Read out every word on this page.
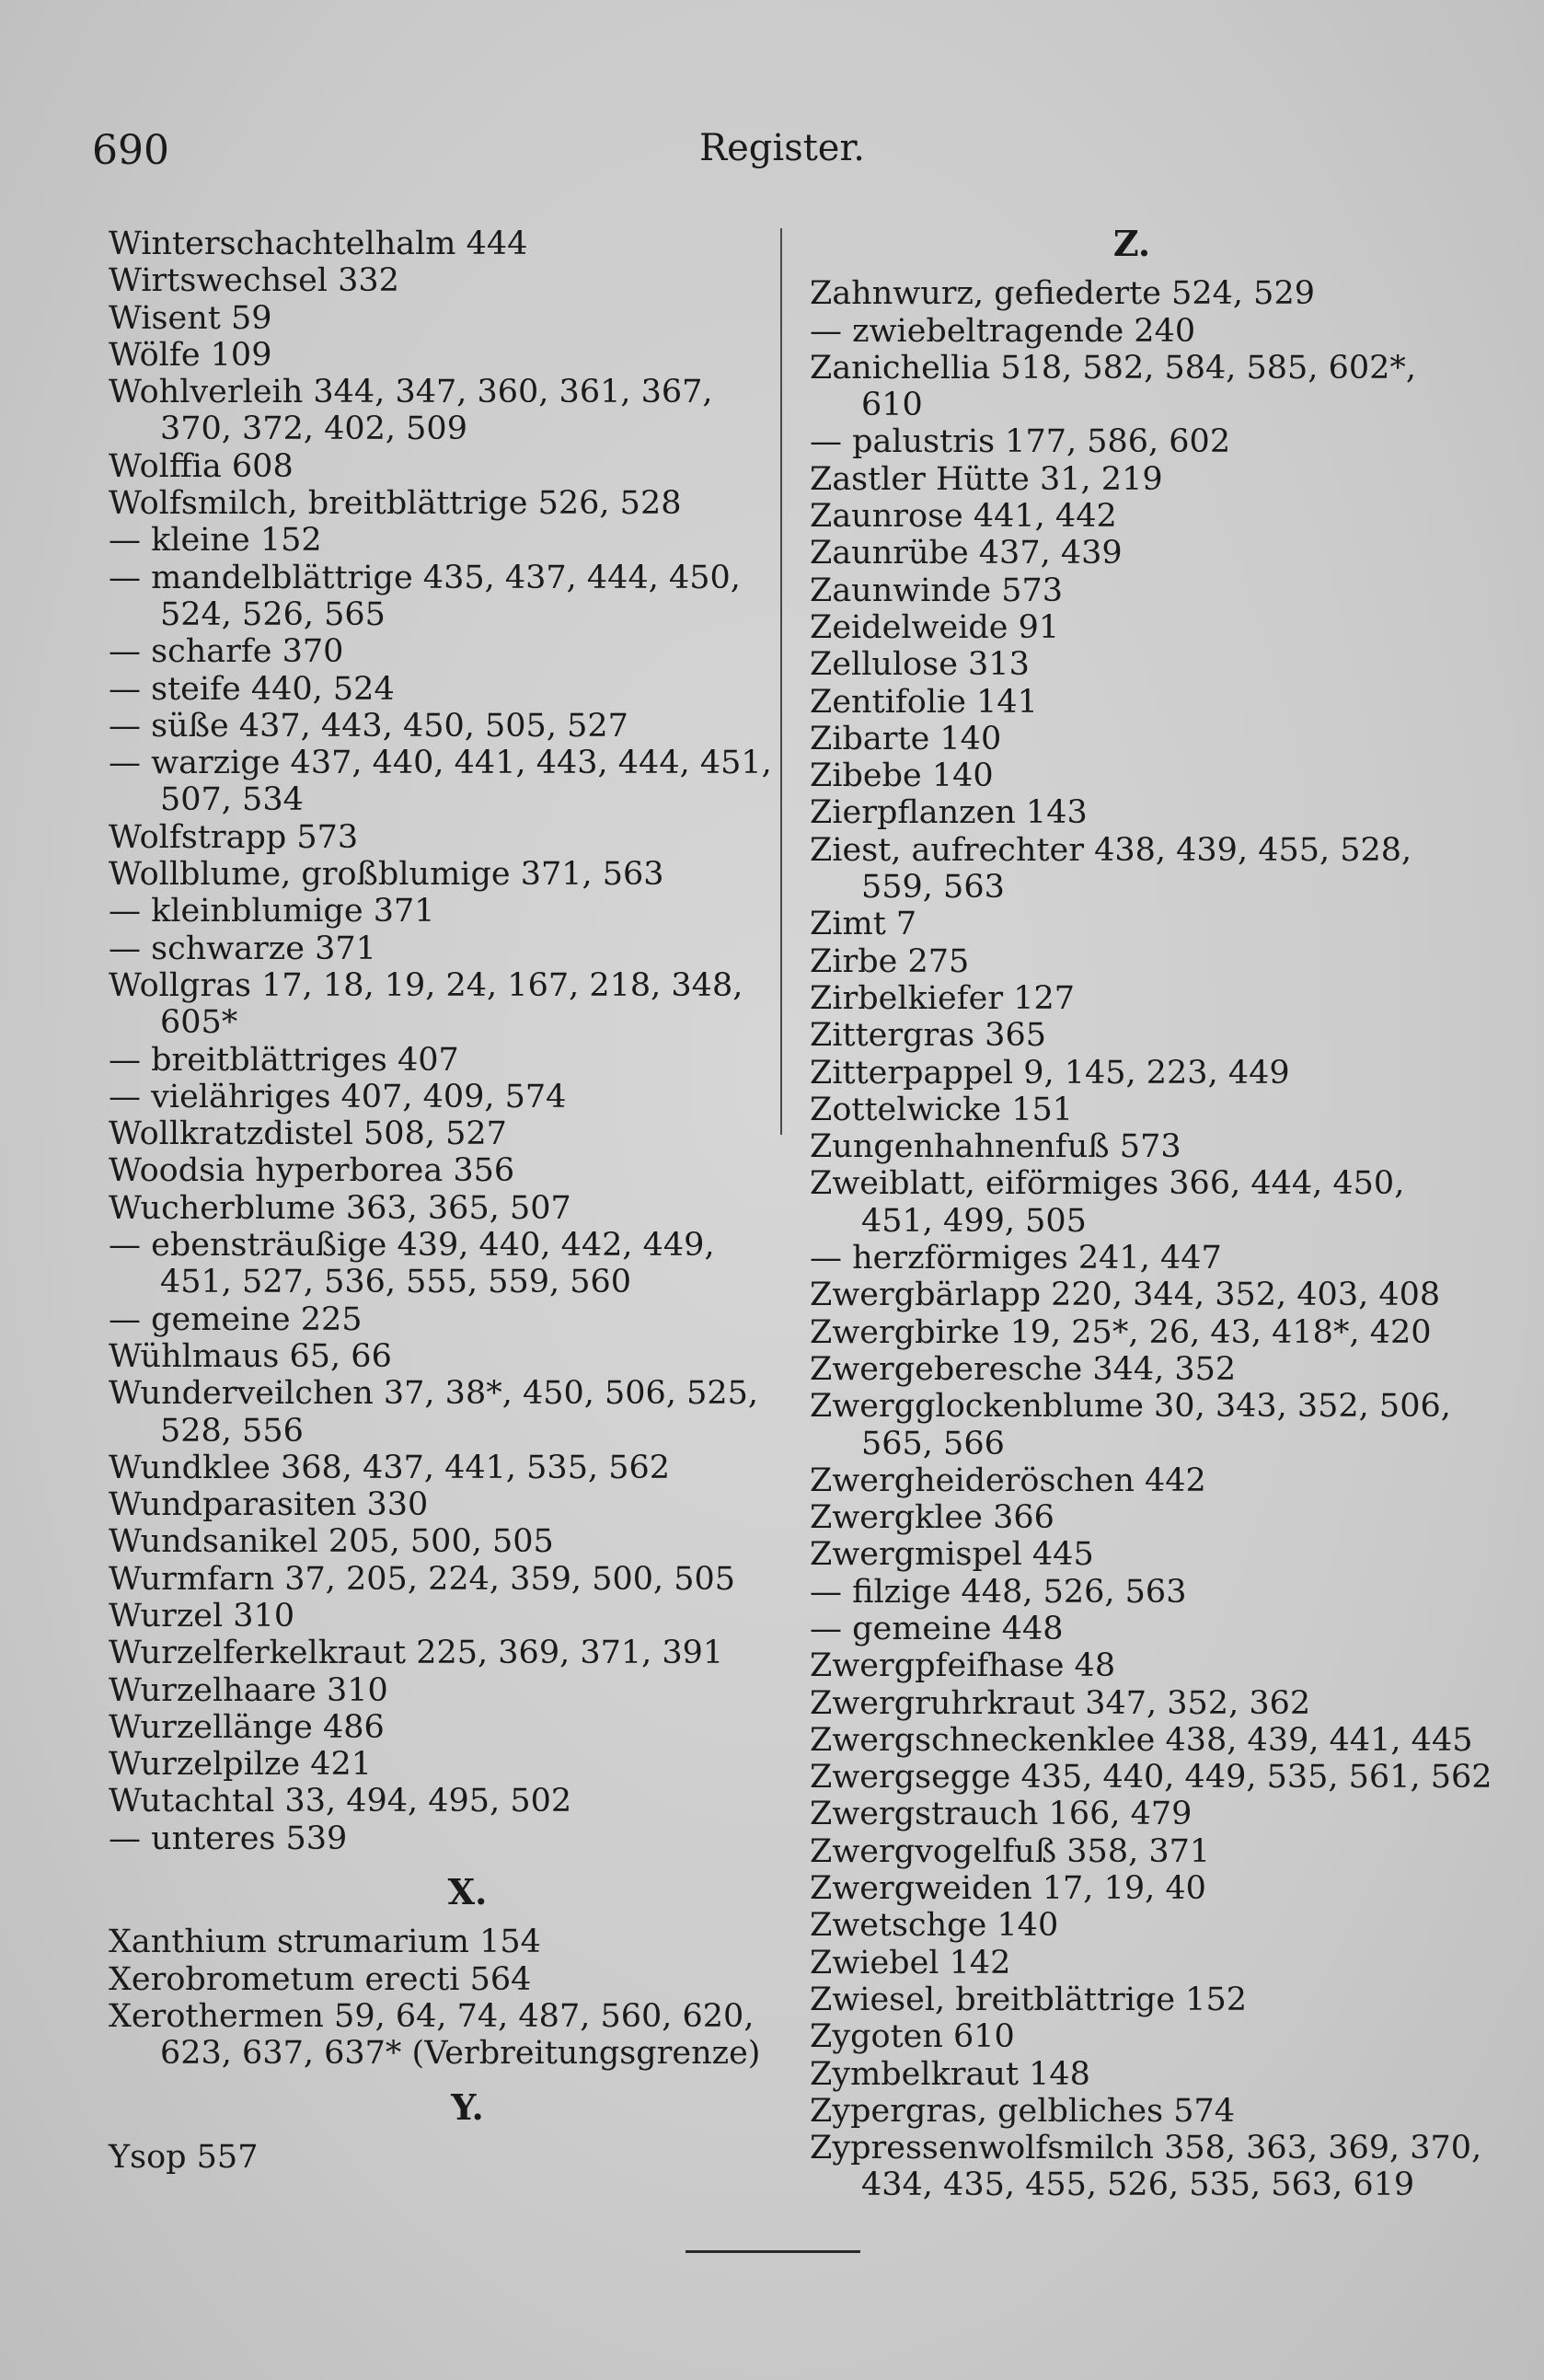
690	Register.
Winterschachtelhalm 444
Wirtswechsel 332
Wisent 59
Wölfe 109
Wohlverleih 344, 347, 360, 361, 367,
370, 372, 402, 509
Wolffia 608
Wolfsmilch, breitblättrige 526, 528
— kleine 152
— mandelblättrige 435, 437, 444, 450,
524, 526, 565
— scharfe 370
— steife 440, 524
— süße 437, 443, 450, 505, 527
— warzige 437, 440, 441, 443, 444, 451,
507, 534
Wolfstrapp 573
Wollblume, großblumige 371, 563
— kleinblumige 371
— schwarze 371
Wollgras 17, 18, 19, 24, 167, 218, 348,
605*
— breitblättriges 407
— vielähriges 407, 409, 574
Wollkratzdistel 508, 527
Woodsia hyperborea 356
Wucherblume 363, 365, 507
— ebensträußige 439, 440, 442, 449,
451, 527, 536, 555, 559, 560
— gemeine 225
Wühlmaus 65, 66
Wunderveilchen 37, 38*, 450, 506, 525,
528, 556
Wundklee 368, 437, 441, 535, 562
Wundparasiten 330
Wundsanikel 205, 500, 505
Wurmfarn 37, 205, 224, 359, 500, 505
Wurzel 310
Wurzelferkelkraut 225, 369, 371, 391
Wurzelhaare 310
Wurzellänge 486
Wurzelpilze 421
Wutachtal 33, 494, 495, 502
— unteres 539
X.
Xanthium strumarium 154
Xerobrometum erecti 564
Xerothermen 59, 64, 74, 487, 560, 620,
623, 637, 637* (Verbreitungsgrenze)
Y.
Ysop 557
Z.
Zahnwurz, gefiederte 524, 529
— zwiebeltragende 240
Zanichellia 518, 582, 584, 585, 602*,
610
— palustris 177, 586, 602
Zastler Hütte 31, 219
Zaunrose 441, 442
Zaunrübe 437, 439
Zaunwinde 573
Zeidelweide 91
Zellulose 313
Zentifolie 141
Zibarte 140
Zibebe 140
Zierpflanzen 143
Ziest, aufrechter 438, 439, 455, 528,
559, 563
Zimt 7
Zirbe 275
Zirbelkiefer 127
Zittergras 365
Zitterpappel 9, 145, 223, 449
Zottelwicke 151
Zungenhahnenfuß 573
Zweiblatt, eiförmiges 366, 444, 450,
451, 499, 505
— herzförmiges 241, 447
Zwergbärlapp 220, 344, 352, 403, 408
Zwergbirke 19, 25*, 26, 43, 418*, 420
Zwergeberesche 344, 352
Zwergglockenblume 30, 343, 352, 506,
565, 566
Zwergheideröschen 442
Zwergklee 366
Zwergmispel 445
— filzige 448, 526, 563
— gemeine 448
Zwergpfeifhase 48
Zwergruhrkraut 347, 352, 362
Zwergschneckenklee 438, 439, 441, 445
Zwergsegge 435, 440, 449, 535, 561, 562
Zwergstrauch 166, 479
Zwergvogelfuß 358, 371
Zwergweiden 17, 19, 40
Zwetschge 140
Zwiebel 142
Zwiesel, breitblättrige 152
Zygoten 610
Zymbelkraut 148
Zypergras, gelbliches 574
Zypressenwolfsmilch 358, 363, 369, 370,
434, 435, 455, 526, 535, 563, 619
